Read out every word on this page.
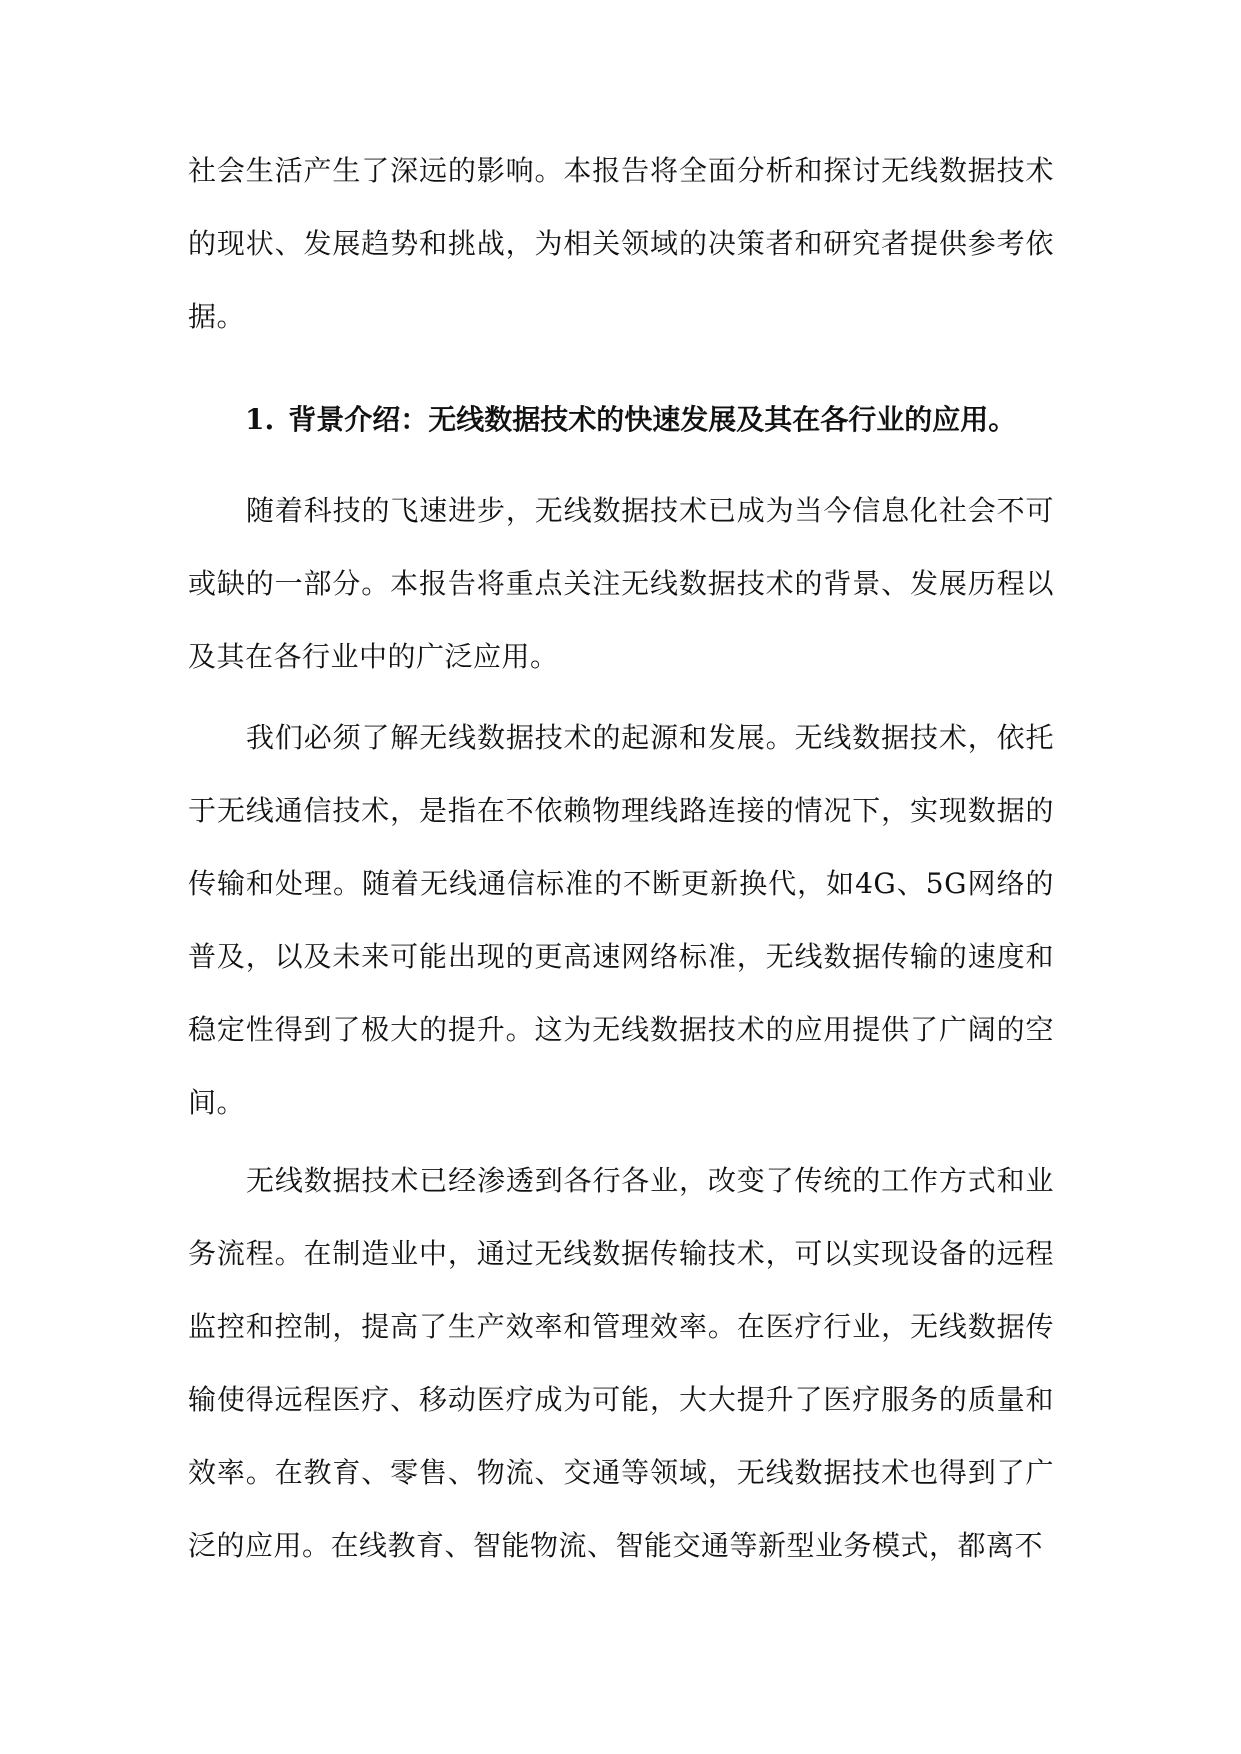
社会生活产生了深远的影响。本报告将全面分析和探讨无线数据技术的现状、发展趋势和挑战，为相关领域的决策者和研究者提供参考依据。

1. 背景介绍：无线数据技术的快速发展及其在各行业的应用。

随着科技的飞速进步，无线数据技术已成为当今信息化社会不可或缺的一部分。本报告将重点关注无线数据技术的背景、发展历程以及其在各行业中的广泛应用。

我们必须了解无线数据技术的起源和发展。无线数据技术，依托于无线通信技术，是指在不依赖物理线路连接的情况下，实现数据的传输和处理。随着无线通信标准的不断更新换代，如4G、5G网络的普及，以及未来可能出现的更高速网络标准，无线数据传输的速度和稳定性得到了极大的提升。这为无线数据技术的应用提供了广阔的空间。

无线数据技术已经渗透到各行各业，改变了传统的工作方式和业务流程。在制造业中，通过无线数据传输技术，可以实现设备的远程监控和控制，提高了生产效率和管理效率。在医疗行业，无线数据传输使得远程医疗、移动医疗成为可能，大大提升了医疗服务的质量和效率。在教育、零售、物流、交通等领域，无线数据技术也得到了广泛的应用。在线教育、智能物流、智能交通等新型业务模式，都离不
